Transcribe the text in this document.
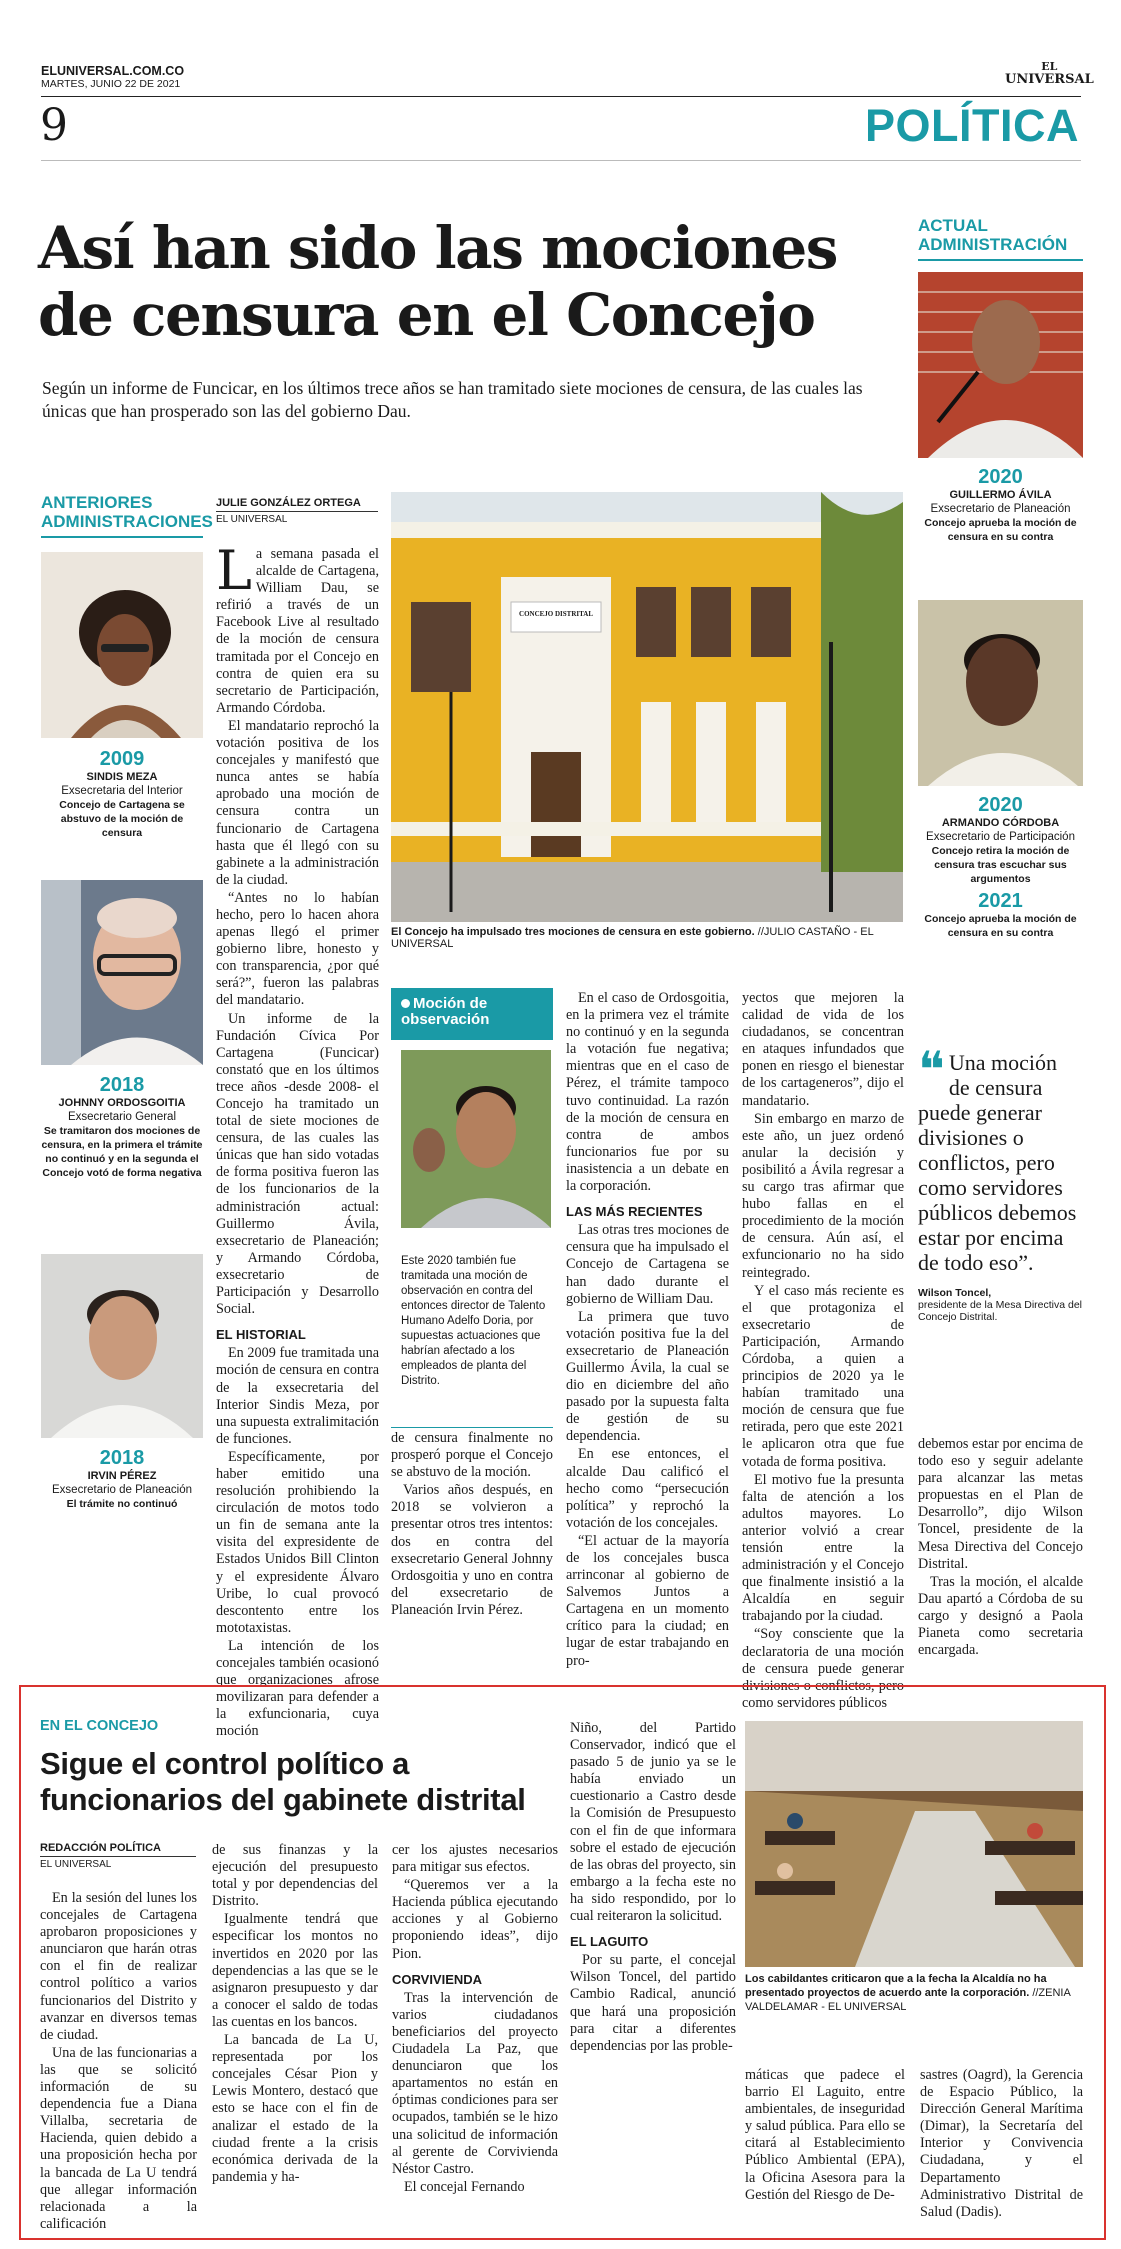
ELUNIVERSAL.COM.CO
MARTES, JUNIO 22 DE 2021
EL
UNIVERSAL
9	POLÍTICA
Así han sido las mociones
de censura en el Concejo
Según un informe de Funcicar, en los últimos trece años se han tramitado siete mociones de censura, de las cuales las únicas que han prosperado son las del gobierno Dau.
ANTERIORES
ADMINISTRACIONES
2009
SINDIS MEZA
Exsecretaria del Interior
Concejo de Cartagena se abstuvo de la moción de censura
2018
JOHNNY ORDOSGOITIA
Exsecretario General
Se tramitaron dos mociones de censura, en la primera el trámite no continuó y en la segunda el Concejo votó de forma negativa
2018
IRVIN PÉREZ
Exsecretario de Planeación
El trámite no continuó
ACTUAL
ADMINISTRACIÓN
2020
GUILLERMO ÁVILA
Exsecretario de Planeación
Concejo aprueba la moción de censura en su contra
2020
ARMANDO CÓRDOBA
Exsecretario de Participación
Concejo retira la moción de censura tras escuchar sus argumentos
2021
Concejo aprueba la moción de censura en su contra
JULIE GONZÁLEZ ORTEGA
EL UNIVERSAL
CONCEJO DISTRITAL
El Concejo ha impulsado tres mociones de censura en este gobierno. //JULIO CASTAÑO - EL UNIVERSAL

La semana pasada el alcalde de Cartagena, William Dau, se refirió a través de un Facebook Live al resultado de la moción de censura tramitada por el Concejo en contra de quien era su secretario de Participación, Armando Córdoba.

El mandatario reprochó la votación positiva de los concejales y manifestó que nunca antes se había aprobado una moción de censura contra un funcionario de Cartagena hasta que él llegó con su gabinete a la administración de la ciudad.

“Antes no lo habían hecho, pero lo hacen ahora apenas llegó el primer gobierno libre, honesto y con transparencia, ¿por qué será?”, fueron las palabras del mandatario.

Un informe de la Fundación Cívica Por Cartagena (Funcicar) constató que en los últimos trece años -desde 2008- el Concejo ha tramitado un total de siete mociones de censura, de las cuales las únicas que han sido votadas de forma positiva fueron las de los funcionarios de la administración actual: Guillermo Ávila, exsecretario de Planeación; y Armando Córdoba, exsecretario de Participación y Desarrollo Social.

EL HISTORIAL

En 2009 fue tramitada una moción de censura en contra de la exsecretaria del Interior Sindis Meza, por una supuesta extralimitación de funciones.

Específicamente, por haber emitido una resolución prohibiendo la circulación de motos todo un fin de semana ante la visita del expresidente de Estados Unidos Bill Clinton y el expresidente Álvaro Uribe, lo cual provocó descontento entre los mototaxistas.

La intención de los concejales también ocasionó que organizaciones afrose movilizaran para defender a la exfuncionaria, cuya moción

Moción de
observación
Este 2020 también fue tramitada una moción de observación en contra del entonces director de Talento Humano Adelfo Doria, por supuestas actuaciones que habrían afectado a los empleados de planta del Distrito.

de censura finalmente no prosperó porque el Concejo se abstuvo de la moción.

Varios años después, en 2018 se volvieron a presentar otros tres intentos: dos en contra del exsecretario General Johnny Ordosgoitia y uno en contra del exsecretario de Planeación Irvin Pérez.

En el caso de Ordosgoitia, en la primera vez el trámite no continuó y en la segunda la votación fue negativa; mientras que en el caso de Pérez, el trámite tampoco tuvo continuidad. La razón de la moción de censura en contra de ambos funcionarios fue por su inasistencia a un debate en la corporación.

LAS MÁS RECIENTES

Las otras tres mociones de censura que ha impulsado el Concejo de Cartagena se han dado durante el gobierno de William Dau.

La primera que tuvo votación positiva fue la del exsecretario de Planeación Guillermo Ávila, la cual se dio en diciembre del año pasado por la supuesta falta de gestión de su dependencia.

En ese entonces, el alcalde Dau calificó el hecho como “persecución política” y reprochó la votación de los concejales.

“El actuar de la mayoría de los concejales busca arrinconar al gobierno de Salvemos Juntos a Cartagena en un momento crítico para la ciudad; en lugar de estar trabajando en pro-

yectos que mejoren la calidad de vida de los ciudadanos, se concentran en ataques infundados que ponen en riesgo el bienestar de los cartageneros”, dijo el mandatario.

Sin embargo en marzo de este año, un juez ordenó anular la decisión y posibilitó a Ávila regresar a su cargo tras afirmar que hubo fallas en el procedimiento de la moción de censura. Aún así, el exfuncionario no ha sido reintegrado.

Y el caso más reciente es el que protagoniza el exsecretario de Participación, Armando Córdoba, a quien a principios de 2020 ya le habían tramitado una moción de censura que fue retirada, pero que este 2021 le aplicaron otra que fue votada de forma positiva.

El motivo fue la presunta falta de atención a los adultos mayores. Lo anterior volvió a crear tensión entre la administración y el Concejo que finalmente insistió a la Alcaldía en seguir trabajando por la ciudad.

“Soy consciente que la declaratoria de una moción de censura puede generar divisiones o conflictos, pero como servidores públicos

❝ Una moción de censura puede generar divisiones o conflictos, pero como servidores públicos debemos estar por encima de todo eso”.
Wilson Toncel,
presidente de la Mesa Directiva del Concejo Distrital.

debemos estar por encima de todo eso y seguir adelante para alcanzar las metas propuestas en el Plan de Desarrollo”, dijo Wilson Toncel, presidente de la Mesa Directiva del Concejo Distrital.

Tras la moción, el alcalde Dau apartó a Córdoba de su cargo y designó a Paola Pianeta como secretaria encargada.

EN EL CONCEJO
Sigue el control político a
funcionarios del gabinete distrital
REDACCIÓN POLÍTICA
EL UNIVERSAL

En la sesión del lunes los concejales de Cartagena aprobaron proposiciones y anunciaron que harán otras con el fin de realizar control político a varios funcionarios del Distrito y avanzar en diversos temas de ciudad.

Una de las funcionarias a las que se solicitó información de su dependencia fue a Diana Villalba, secretaria de Hacienda, quien debido a una proposición hecha por la bancada de La U tendrá que allegar información relacionada a la calificación

de sus finanzas y la ejecución del presupuesto total y por dependencias del Distrito.

Igualmente tendrá que especificar los montos no invertidos en 2020 por las dependencias a las que se le asignaron presupuesto y dar a conocer el saldo de todas las cuentas en los bancos.

La bancada de La U, representada por los concejales César Pion y Lewis Montero, destacó que esto se hace con el fin de analizar el estado de la ciudad frente a la crisis económica derivada de la pandemia y ha-

cer los ajustes necesarios para mitigar sus efectos.

“Queremos ver a la Hacienda pública ejecutando acciones y al Gobierno proponiendo ideas”, dijo Pion.

CORVIVIENDA

Tras la intervención de varios ciudadanos beneficiarios del proyecto Ciudadela La Paz, que denunciaron que los apartamentos no están en óptimas condiciones para ser ocupados, también se le hizo una solicitud de información al gerente de Corvivienda Néstor Castro.

El concejal Fernando

Niño, del Partido Conservador, indicó que el pasado 5 de junio ya se le había enviado un cuestionario a Castro desde la Comisión de Presupuesto con el fin de que informara sobre el estado de ejecución de las obras del proyecto, sin embargo a la fecha este no ha sido respondido, por lo cual reiteraron la solicitud.

EL LAGUITO

Por su parte, el concejal Wilson Toncel, del partido Cambio Radical, anunció que hará una proposición para citar a diferentes dependencias por las proble-

Los cabildantes criticaron que a la fecha la Alcaldía no ha presentado proyectos de acuerdo ante la corporación. //ZENIA VALDELAMAR - EL UNIVERSAL

máticas que padece el barrio El Laguito, entre ambientales, de inseguridad y salud pública. Para ello se citará al Establecimiento Público Ambiental (EPA), la Oficina Asesora para la Gestión del Riesgo de De-

sastres (Oagrd), la Gerencia de Espacio Público, la Dirección General Marítima (Dimar), la Secretaría del Interior y Convivencia Ciudadana, y el Departamento Administrativo Distrital de Salud (Dadis).
